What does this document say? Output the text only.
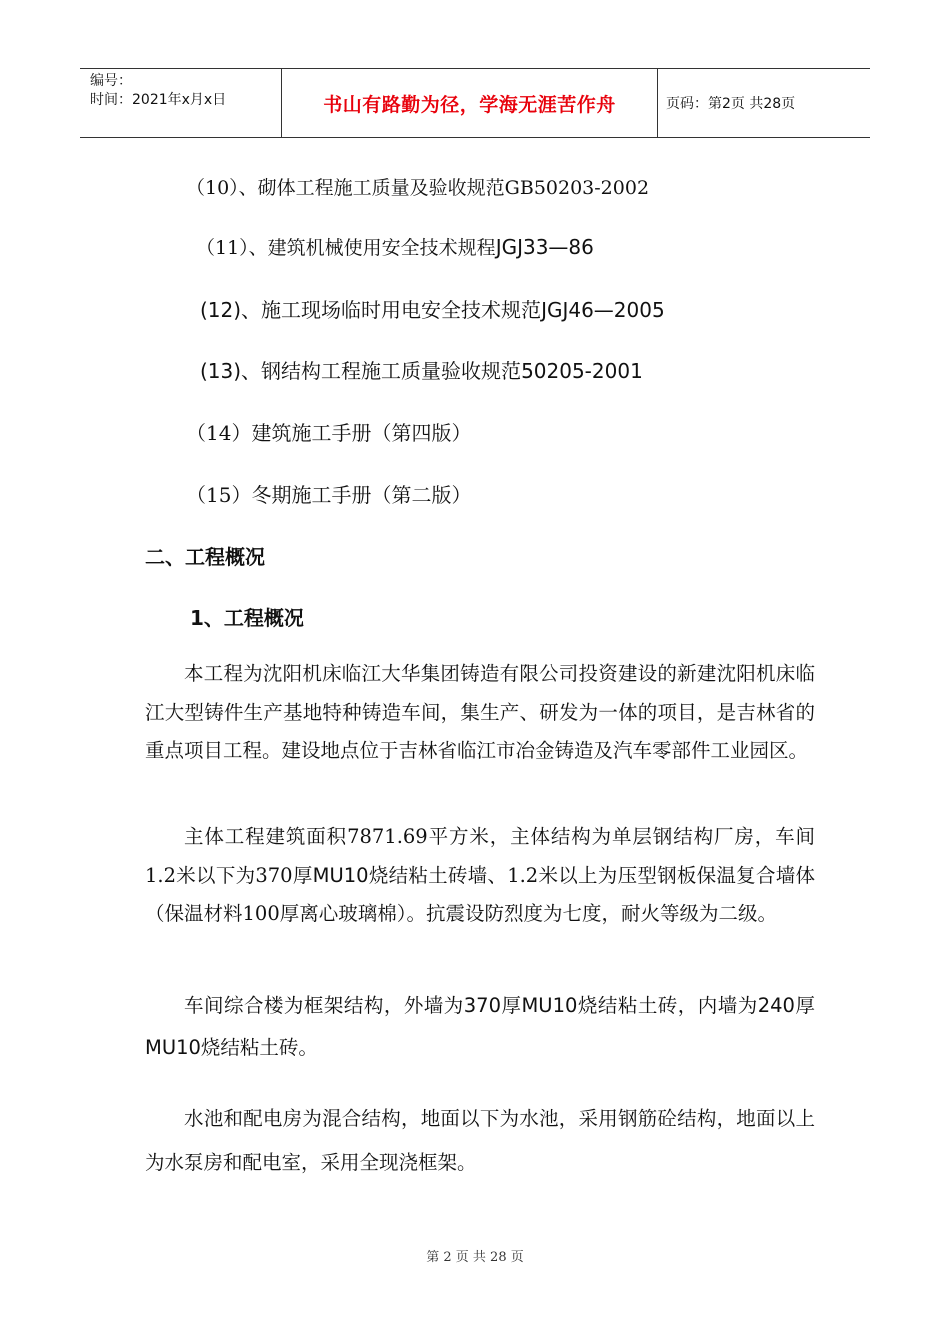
编号：
时间：2021年x月x日	书山有路勤为径，学海无涯苦作舟	页码：第2页 共28页
（10）、砌体工程施工质量及验收规范GB50203-2002
（11）、建筑机械使用安全技术规程JGJ33—86
(12)、施工现场临时用电安全技术规范JGJ46—2005
(13)、钢结构工程施工质量验收规范50205-2001
（14）建筑施工手册（第四版）
（15）冬期施工手册（第二版）
二、工程概况
1、工程概况

本工程为沈阳机床临江大华集团铸造有限公司投资建设的新建沈阳机床临江大型铸件生产基地特种铸造车间，集生产、研发为一体的项目，是吉林省的重点项目工程。建设地点位于吉林省临江市冶金铸造及汽车零部件工业园区。

主体工程建筑面积7871.69平方米，主体结构为单层钢结构厂房，车间1.2米以下为370厚MU10烧结粘土砖墙、1.2米以上为压型钢板保温复合墙体（保温材料100厚离心玻璃棉）。抗震设防烈度为七度，耐火等级为二级。

车间综合楼为框架结构，外墙为370厚MU10烧结粘土砖，内墙为240厚MU10烧结粘土砖。

水池和配电房为混合结构，地面以下为水池，采用钢筋砼结构，地面以上为水泵房和配电室，采用全现浇框架。

第 2 页 共 28 页
